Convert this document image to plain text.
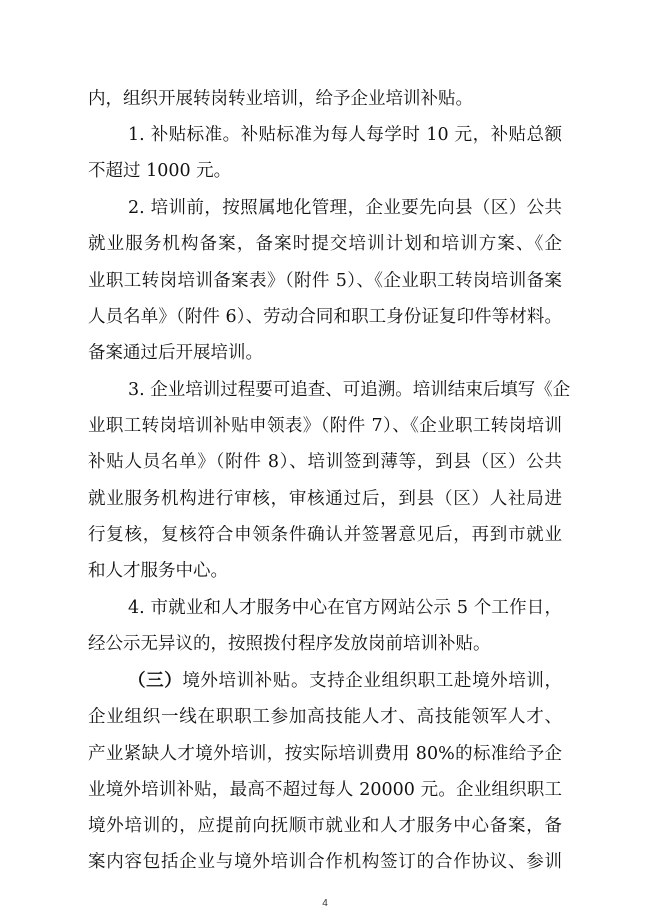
内，组织开展转岗转业培训，给予企业培训补贴。
1. 补贴标准。补贴标准为每人每学时 10 元，补贴总额
不超过 1000 元。
2. 培训前，按照属地化管理，企业要先向县（区）公共
就业服务机构备案，备案时提交培训计划和培训方案、《企
业职工转岗培训备案表》（附件 5）、《企业职工转岗培训备案
人员名单》（附件 6）、劳动合同和职工身份证复印件等材料。
备案通过后开展培训。
3. 企业培训过程要可追查、可追溯。培训结束后填写《企
业职工转岗培训补贴申领表》（附件 7）、《企业职工转岗培训
补贴人员名单》（附件 8）、培训签到薄等，到县（区）公共
就业服务机构进行审核，审核通过后，到县（区）人社局进
行复核，复核符合申领条件确认并签署意见后，再到市就业
和人才服务中心。
4. 市就业和人才服务中心在官方网站公示 5 个工作日，
经公示无异议的，按照拨付程序发放岗前培训补贴。
（三）境外培训补贴。支持企业组织职工赴境外培训，
企业组织一线在职职工参加高技能人才、高技能领军人才、
产业紧缺人才境外培训，按实际培训费用 80%的标准给予企
业境外培训补贴，最高不超过每人 20000 元。企业组织职工
境外培训的，应提前向抚顺市就业和人才服务中心备案，备
案内容包括企业与境外培训合作机构签订的合作协议、参训
4
